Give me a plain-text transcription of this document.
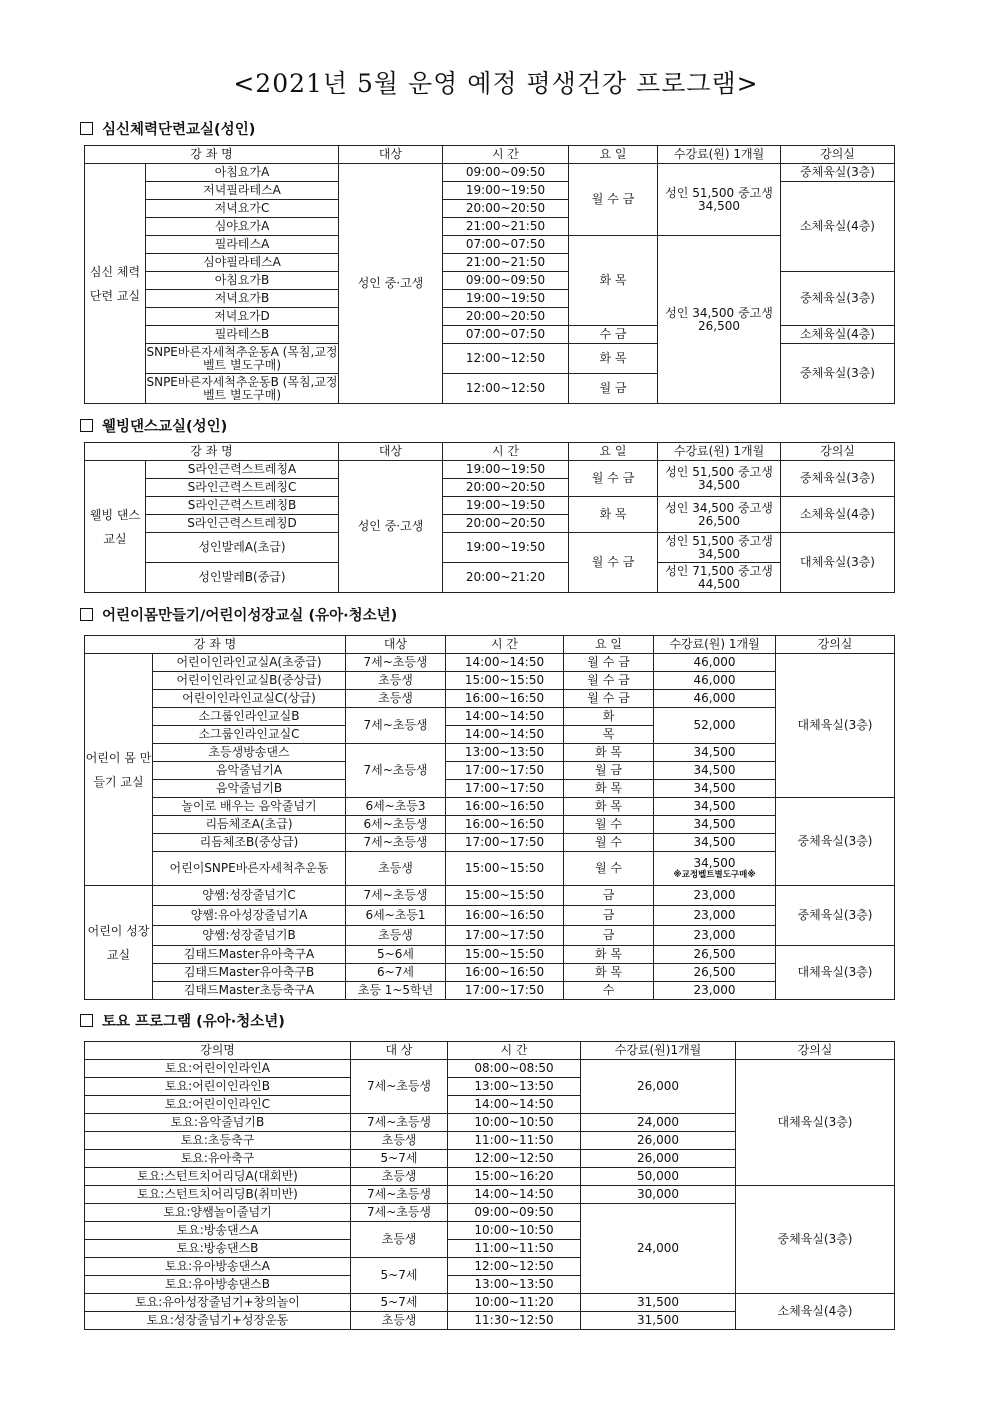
<2021년 5월 운영 예정 평생건강 프로그램>
심신체력단련교실(성인)
강 좌 명		대상	시 간	요 일	수강료(원) 1개월	강의실
심신 체력 단련 교실	아침요가A	성인 중·고생	09:00~09:50	월 수 금	성인 51,500 중고생 34,500	중체육실(3층)
	저녁필라테스A		19:00~19:50			소체육실(4층)
	저녁요가C		20:00~20:50			
	심야요가A		21:00~21:50			
	필라테스A		07:00~07:50	화 목	성인 34,500 중고생 26,500	
	심야필라테스A		21:00~21:50			
	아침요가B		09:00~09:50			중체육실(3층)
	저녁요가B		19:00~19:50			
	저녁요가D		20:00~20:50			
	필라테스B		07:00~07:50	수 금		소체육실(4층)
	SNPE바른자세척추운동A (목침,교정벨트 별도구매)		12:00~12:50	화 목		중체육실(3층)
	SNPE바른자세척추운동B (목침,교정벨트 별도구매)		12:00~12:50	월 금		
웰빙댄스교실(성인)
강 좌 명		대상	시 간	요 일	수강료(원) 1개월	강의실
웰빙 댄스 교실	S라인근력스트레칭A	성인 중·고생	19:00~19:50	월 수 금	성인 51,500 중고생 34,500	중체육실(3층)
	S라인근력스트레칭C		20:00~20:50			
	S라인근력스트레칭B		19:00~19:50	화 목	성인 34,500 중고생 26,500	소체육실(4층)
	S라인근력스트레칭D		20:00~20:50			
	성인발레A(초급)		19:00~19:50	월 수 금	성인 51,500 중고생 34,500	대체육실(3층)
	성인발레B(중급)		20:00~21:20		성인 71,500 중고생 44,500	
어린이몸만들기/어린이성장교실 (유아·청소년)
강 좌 명		대상	시 간	요 일	수강료(원) 1개월	강의실
어린이 몸 만들기 교실	어린이인라인교실A(초중급)	7세~초등생	14:00~14:50	월 수 금	46,000	대체육실(3층)
	어린이인라인교실B(중상급)	초등생	15:00~15:50	월 수 금	46,000	
	어린이인라인교실C(상급)	초등생	16:00~16:50	월 수 금	46,000	
	소그룹인라인교실B	7세~초등생	14:00~14:50	화	52,000	
	소그룹인라인교실C		14:00~14:50	목		
	초등생방송댄스	7세~초등생	13:00~13:50	화 목	34,500	
	음악줄넘기A		17:00~17:50	월 금	34,500	
	음악줄넘기B		17:00~17:50	화 목	34,500	
	놀이로 배우는 음악줄넘기	6세~초등3	16:00~16:50	화 목	34,500	중체육실(3층)
	리듬체조A(초급)	6세~초등생	16:00~16:50	월 수	34,500	
	리듬체조B(중상급)	7세~초등생	17:00~17:50	월 수	34,500	
	어린이SNPE바른자세척추운동	초등생	15:00~15:50	월 수	34,500
※교정벨트별도구매※	

어린이 성장 교실	양쌤:성장줄넘기C	7세~초등생	15:00~15:50	금	23,000	중체육실(3층)
	양쌤:유아성장줄넘기A	6세~초등1	16:00~16:50	금	23,000	
	양쌤:성장줄넘기B	초등생	17:00~17:50	금	23,000	
	김태드Master유아축구A	5~6세	15:00~15:50	화 목	26,500	대체육실(3층)
	김태드Master유아축구B	6~7세	16:00~16:50	화 목	26,500	
	김태드Master초등축구A	초등 1~5학년	17:00~17:50	수	23,000	
토요 프로그램 (유아·청소년)
강의명	대 상	시 간	수강료(원)1개월	강의실
토요:어린이인라인A	7세~초등생	08:00~08:50	26,000	대체육실(3층)
토요:어린이인라인B		13:00~13:50		
토요:어린이인라인C		14:00~14:50		
토요:음악줄넘기B	7세~초등생	10:00~10:50	24,000	
토요:초등축구	초등생	11:00~11:50	26,000	
토요:유아축구	5~7세	12:00~12:50	26,000	
토요:스턴트치어리딩A(대회반)	초등생	15:00~16:20	50,000	
토요:스턴트치어리딩B(취미반)	7세~초등생	14:00~14:50	30,000	중체육실(3층)
토요:양쌤놀이줄넘기	7세~초등생	09:00~09:50	24,000	
토요:방송댄스A	초등생	10:00~10:50		
토요:방송댄스B		11:00~11:50		
토요:유아방송댄스A	5~7세	12:00~12:50		
토요:유아방송댄스B		13:00~13:50		
토요:유아성장줄넘기+창의놀이	5~7세	10:00~11:20	31,500	소체육실(4층)
토요:성장줄넘기+성장운동	초등생	11:30~12:50	31,500	
